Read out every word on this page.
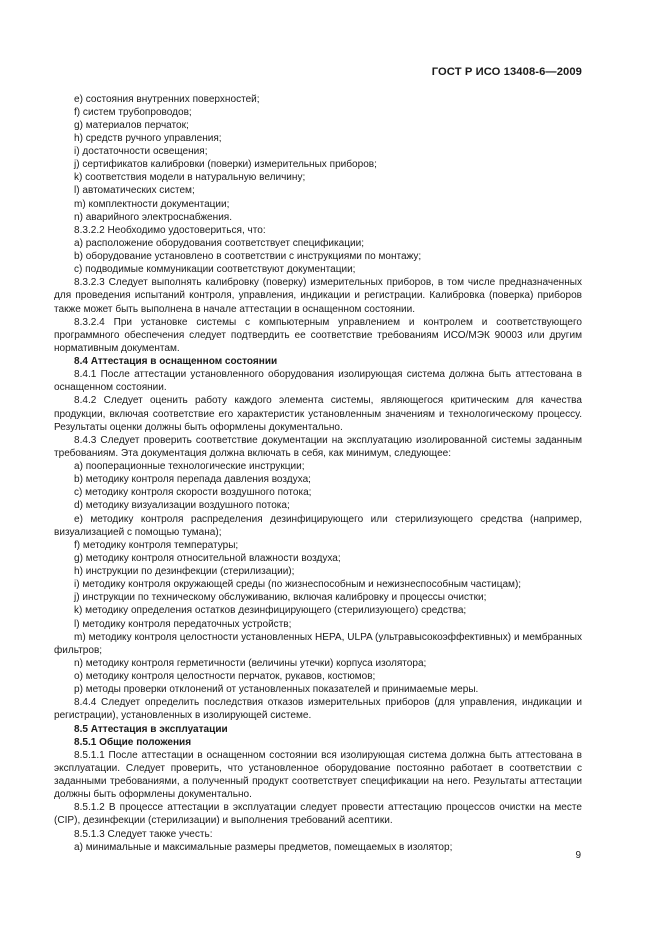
ГОСТ Р ИСО 13408-6—2009
e) состояния внутренних поверхностей;
f) систем трубопроводов;
g) материалов перчаток;
h) средств ручного управления;
i) достаточности освещения;
j) сертификатов калибровки (поверки) измерительных приборов;
k) соответствия модели в натуральную величину;
l) автоматических систем;
m) комплектности документации;
n) аварийного электроснабжения.
8.3.2.2 Необходимо удостовериться, что:
a) расположение оборудования соответствует спецификации;
b) оборудование установлено в соответствии с инструкциями по монтажу;
c) подводимые коммуникации соответствуют документации;
8.3.2.3 Следует выполнять калибровку (поверку) измерительных приборов, в том числе предназначенных для проведения испытаний контроля, управления, индикации и регистрации. Калибровка (поверка) приборов также может быть выполнена в начале аттестации в оснащенном состоянии.
8.3.2.4 При установке системы с компьютерным управлением и контролем и соответствующего программного обеспечения следует подтвердить ее соответствие требованиям ИСО/МЭК 90003 или другим нормативным документам.
8.4 Аттестация в оснащенном состоянии
8.4.1 После аттестации установленного оборудования изолирующая система должна быть аттестована в оснащенном состоянии.
8.4.2 Следует оценить работу каждого элемента системы, являющегося критическим для качества продукции, включая соответствие его характеристик установленным значениям и технологическому процессу. Результаты оценки должны быть оформлены документально.
8.4.3 Следует проверить соответствие документации на эксплуатацию изолированной системы заданным требованиям. Эта документация должна включать в себя, как минимум, следующее:
a) пооперационные технологические инструкции;
b) методику контроля перепада давления воздуха;
c) методику контроля скорости воздушного потока;
d) методику визуализации воздушного потока;
e) методику контроля распределения дезинфицирующего или стерилизующего средства (например, визуализацией с помощью тумана);
f) методику контроля температуры;
g) методику контроля относительной влажности воздуха;
h) инструкции по дезинфекции (стерилизации);
i) методику контроля окружающей среды (по жизнеспособным и нежизнеспособным частицам);
j) инструкции по техническому обслуживанию, включая калибровку и процессы очистки;
k) методику определения остатков дезинфицирующего (стерилизующего) средства;
l) методику контроля передаточных устройств;
m) методику контроля целостности установленных HEPA, ULPA (ультравысокоэффективных) и мембранных фильтров;
n) методику контроля герметичности (величины утечки) корпуса изолятора;
o) методику контроля целостности перчаток, рукавов, костюмов;
p) методы проверки отклонений от установленных показателей и принимаемые меры.
8.4.4 Следует определить последствия отказов измерительных приборов (для управления, индикации и регистрации), установленных в изолирующей системе.
8.5 Аттестация в эксплуатации
8.5.1 Общие положения
8.5.1.1 После аттестации в оснащенном состоянии вся изолирующая система должна быть аттестована в эксплуатации. Следует проверить, что установленное оборудование постоянно работает в соответствии с заданными требованиями, а полученный продукт соответствует спецификации на него. Результаты аттестации должны быть оформлены документально.
8.5.1.2 В процессе аттестации в эксплуатации следует провести аттестацию процессов очистки на месте (CIP), дезинфекции (стерилизации) и выполнения требований асептики.
8.5.1.3 Следует также учесть:
a) минимальные и максимальные размеры предметов, помещаемых в изолятор;
9
